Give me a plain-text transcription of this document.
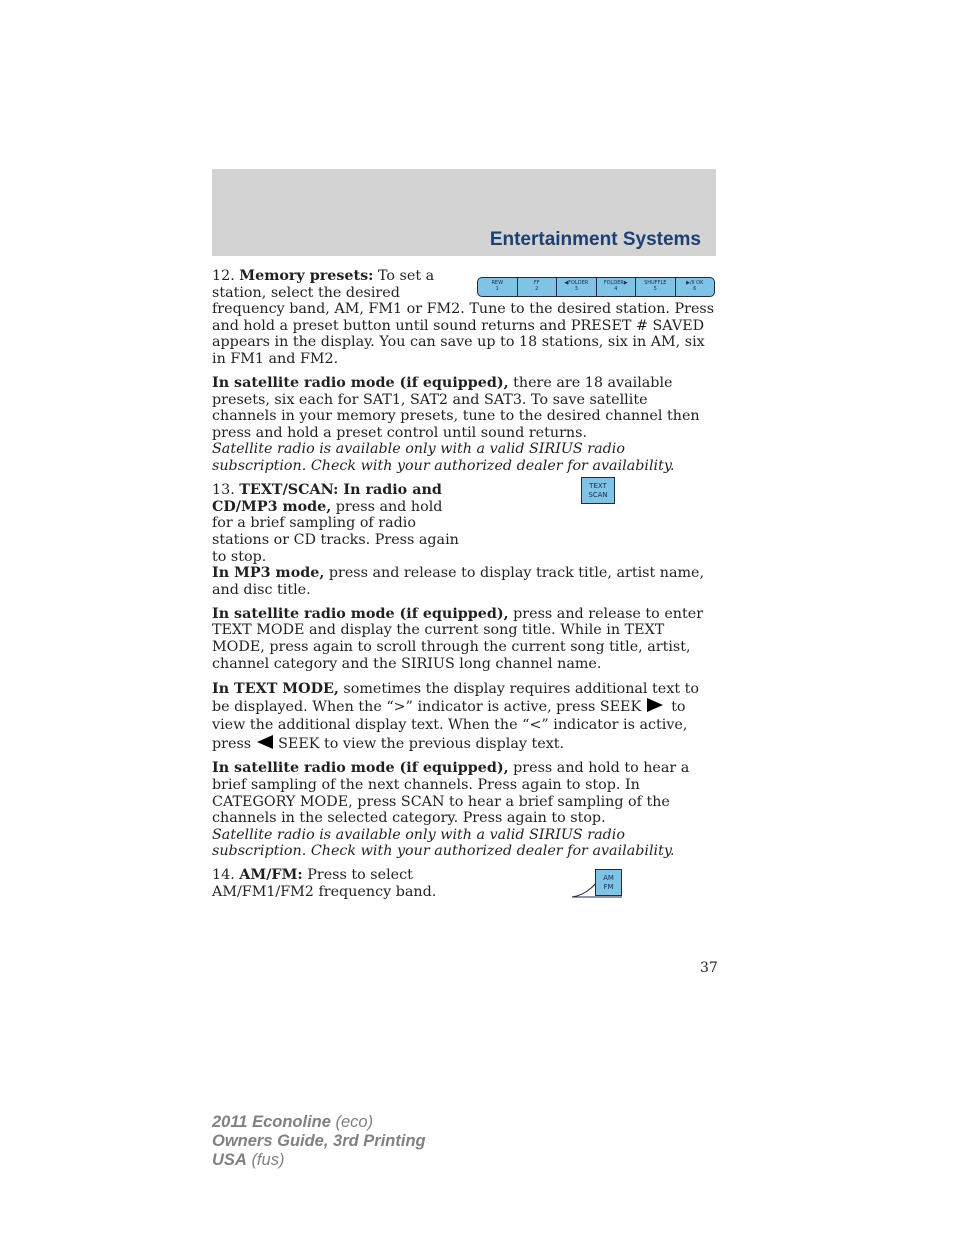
Entertainment Systems
REW
1
FF
2
◀FOLDER
3
FOLDER▶
4
SHUFFLE
5
▶/II OK
6

12. Memory presets: To set a station, select the desired frequency band, AM, FM1 or FM2. Tune to the desired station. Press and hold a preset button until sound returns and PRESET # SAVED appears in the display. You can save up to 18 stations, six in AM, six in FM1 and FM2.

In satellite radio mode (if equipped), there are 18 available presets, six each for SAT1, SAT2 and SAT3. To save satellite channels in your memory presets, tune to the desired channel then press and hold a preset control until sound returns.

Satellite radio is available only with a valid SIRIUS radio subscription. Check with your authorized dealer for availability.

TEXT
SCAN

13. TEXT/SCAN: In radio and CD/MP3 mode, press and hold for a brief sampling of radio stations or CD tracks. Press again to stop.

In MP3 mode, press and release to display track title, artist name, and disc title.

In satellite radio mode (if equipped), press and release to enter TEXT MODE and display the current song title. While in TEXT MODE, press again to scroll through the current song title, artist, channel category and the SIRIUS long channel name.

In TEXT MODE, sometimes the display requires additional text to be displayed. When the “>” indicator is active, press SEEK to view the additional display text. When the “<” indicator is active, press SEEK to view the previous display text.

In satellite radio mode (if equipped), press and hold to hear a brief sampling of the next channels. Press again to stop. In CATEGORY MODE, press SCAN to hear a brief sampling of the channels in the selected category. Press again to stop.

Satellite radio is available only with a valid SIRIUS radio subscription. Check with your authorized dealer for availability.

AM
FM

14. AM/FM: Press to select AM/FM1/FM2 frequency band.

37
2011 Econoline (eco)
Owners Guide, 3rd Printing
USA (fus)
